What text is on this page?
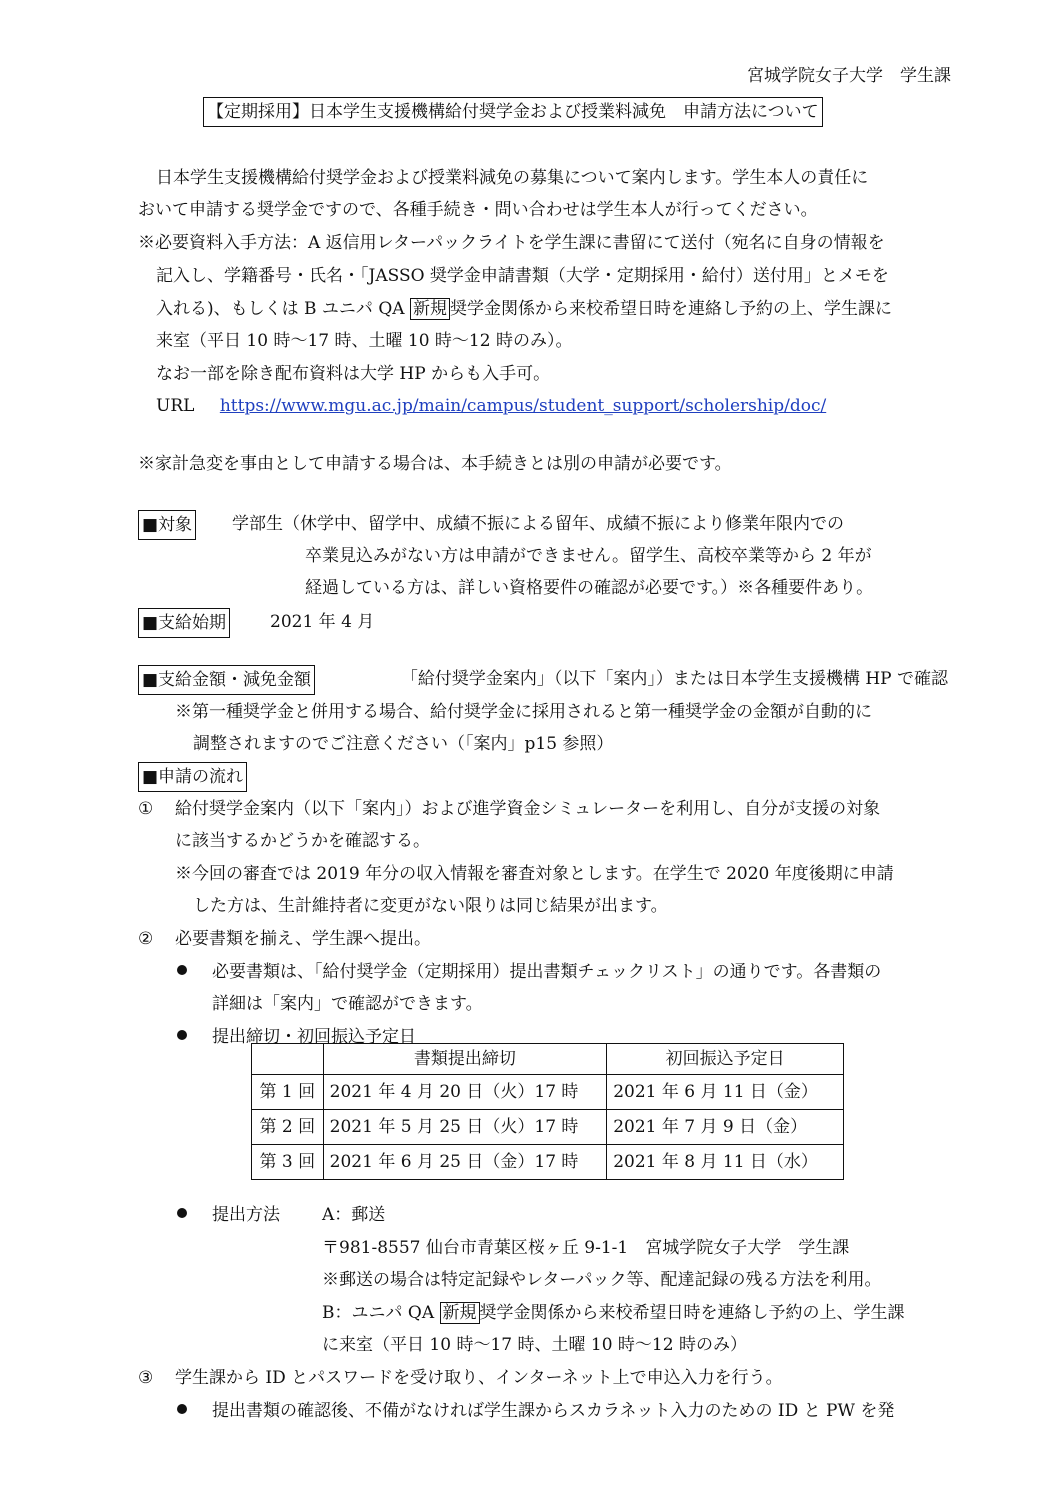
宮城学院女子大学　学生課
【定期採用】日本学生支援機構給付奨学金および授業料減免　申請方法について
日本学生支援機構給付奨学金および授業料減免の募集について案内します。学生本人の責任に
おいて申請する奨学金ですので、各種手続き・問い合わせは学生本人が行ってください。
※必要資料入手方法：A 返信用レターパックライトを学生課に書留にて送付（宛名に自身の情報を
記入し、学籍番号・氏名・「JASSO 奨学金申請書類（大学・定期採用・給付）送付用」とメモを
入れる)、もしくは B ユニパ QA 新規 奨学金関係から来校希望日時を連絡し予約の上、学生課に
来室（平日 10 時～17 時、土曜 10 時～12 時のみ）。
なお一部を除き配布資料は大学 HP からも入手可。
URL https://www.mgu.ac.jp/main/campus/student_support/scholership/doc/
※家計急変を事由として申請する場合は、本手続きとは別の申請が必要です。
■対象 学部生（休学中、留学中、成績不振による留年、成績不振により修業年限内での
卒業見込みがない方は申請ができません。留学生、高校卒業等から 2 年が
経過している方は、詳しい資格要件の確認が必要です。）※各種要件あり。
■支給始期	2021 年 4 月
■支給金額・減免金額	「給付奨学金案内」（以下「案内」）または日本学生支援機構 HP で確認
※第一種奨学金と併用する場合、給付奨学金に採用されると第一種奨学金の金額が自動的に
調整されますのでご注意ください（「案内」p15 参照）
■申請の流れ
① 給付奨学金案内（以下「案内」）および進学資金シミュレーターを利用し、自分が支援の対象
に該当するかどうかを確認する。
※今回の審査では 2019 年分の収入情報を審査対象とします。在学生で 2020 年度後期に申請
した方は、生計維持者に変更がない限りは同じ結果が出ます。
② 必要書類を揃え、学生課へ提出。
必要書類は、「給付奨学金（定期採用）提出書類チェックリスト」の通りです。各書類の
詳細は「案内」で確認ができます。
提出締切・初回振込予定日
	書類提出締切	初回振込予定日
第 1 回	2021 年 4 月 20 日（火）17 時	2021 年 6 月 11 日（金）
第 2 回	2021 年 5 月 25 日（火）17 時	2021 年 7 月 9 日（金）
第 3 回	2021 年 6 月 25 日（金）17 時	2021 年 8 月 11 日（水）
提出方法 A：郵送
〒981-8557 仙台市青葉区桜ヶ丘 9-1-1　宮城学院女子大学　学生課
※郵送の場合は特定記録やレターパック等、配達記録の残る方法を利用。
B：ユニパ QA 新規 奨学金関係から来校希望日時を連絡し予約の上、学生課
に来室（平日 10 時～17 時、土曜 10 時～12 時のみ）
③ 学生課から ID とパスワードを受け取り、インターネット上で申込入力を行う。
提出書類の確認後、不備がなければ学生課からスカラネット入力のための ID と PW を発
